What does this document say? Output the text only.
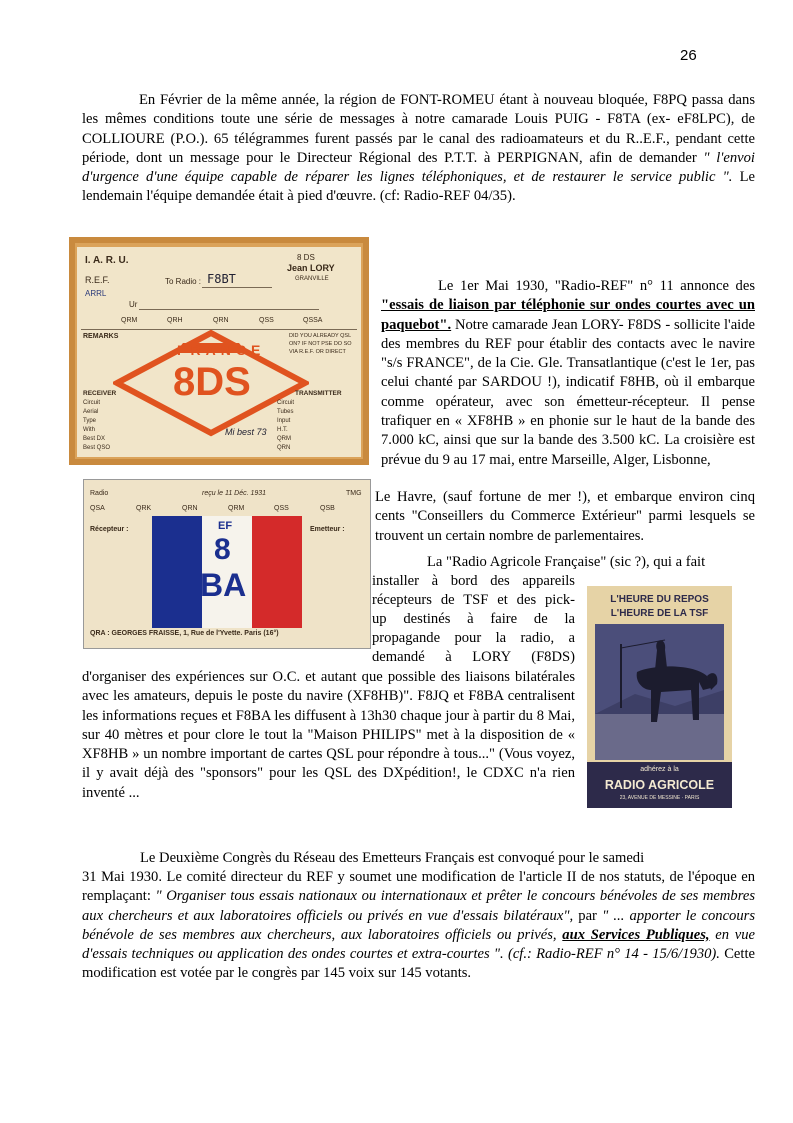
26

En Février de la même année, la région de FONT-ROMEU étant à nouveau bloquée, F8PQ passa dans les mêmes conditions toute une série de messages à notre camarade Louis PUIG - F8TA (ex- eF8LPC), de COLLIOURE (P.O.). 65 télégrammes furent passés par le canal des radioamateurs et du R..E.F., pendant cette période, dont un message pour le Directeur Régional des P.T.T. à PERPIGNAN, afin de demander " l'envoi d'urgence d'une équipe capable de réparer les lignes téléphoniques, et de restaurer le service public ". Le lendemain l'équipe demandée était à pied d'œuvre. (cf: Radio-REF 04/35).

I. A. R. U.
R.E.F.
ARRL
To Radio : F8BT
8 DS
Jean LORY
GRANVILLE
Ur
QRM	QRH	QRN	QSS	QSSA
REMARKS	DID YOU ALREADY QSL ON? IF NOT PSE DO SO VIA R.E.F. OR DIRECT
FRANCE
8DS
RECEIVER
Circuit
Aerial
Type
With
Best DX
Best QSO
TRANSMITTER
Circuit
Tubes
Input
H.T.
QRM
QRN
Mi best 73
Radio	reçu le 11 Déc. 1931	TMG
QSA	QRK	QRN	QRM	QSS	QSB
EF
8
BA
Récepteur :	Emetteur :
QRA : GEORGES FRAISSE, 1, Rue de l'Yvette. Paris (16°)

Le 1er Mai 1930, "Radio-REF" n° 11 annonce des "essais de liaison par téléphonie sur ondes courtes avec un paquebot". Notre camarade Jean LORY- F8DS - sollicite l'aide des membres du REF pour établir des contacts avec le navire "s/s FRANCE", de la Cie. Gle. Transatlantique (c'est le 1er, pas celui chanté par SARDOU !), indicatif F8HB, où il embarque comme opérateur, avec son émetteur-récepteur. Il pense trafiquer en « XF8HB » en phonie sur le haut de la bande des 7.000 kC, ainsi que sur la bande des 3.500 kC. La croisière est prévue du 9 au 17 mai, entre Marseille, Alger, Lisbonne,

Le Havre, (sauf fortune de mer !), et embarque environ cinq cents "Conseillers du Commerce Extérieur" parmi lesquels se trouvent un certain nombre de parlementaires.

La "Radio Agricole Française" (sic ?), qui a fait
installer à bord des appareils
récepteurs de TSF et des pick-
up destinés à faire de la
propagande pour la radio, a
demandé à LORY (F8DS)

d'organiser des expériences sur O.C. et autant que possible des liaisons bilatérales avec les amateurs, depuis le poste du navire (XF8HB)". F8JQ et F8BA centralisent les informations reçues et F8BA les diffusent à 13h30 chaque jour à partir du 8 Mai, sur 40 mètres et pour clore le tout la "Maison PHILIPS" met à la disposition de « XF8HB » un nombre important de cartes QSL pour répondre à tous..." (Vous voyez, il y avait déjà des "sponsors" pour les QSL des DXpédition!, le CDXC n'a rien inventé ...

L'HEURE DU REPOS
L'HEURE DE LA TSF
adhérez à la
RADIO AGRICOLE
23, AVENUE DE MESSINE · PARIS
Le Deuxième Congrès du Réseau des Emetteurs Français est convoqué pour le samedi

31 Mai 1930. Le comité directeur du REF y soumet une modification de l'article II de nos statuts, de l'époque en remplaçant: " Organiser tous essais nationaux ou internationaux et prêter le concours bénévoles de ses membres aux chercheurs et aux laboratoires officiels ou privés en vue d'essais bilatéraux", par " ... apporter le concours bénévole de ses membres aux chercheurs, aux laboratoires officiels ou privés, aux Services Publiques, en vue d'essais techniques ou application des ondes courtes et extra-courtes ". (cf.: Radio-REF n° 14 - 15/6/1930). Cette modification est votée par le congrès par 145 voix sur 145 votants.
